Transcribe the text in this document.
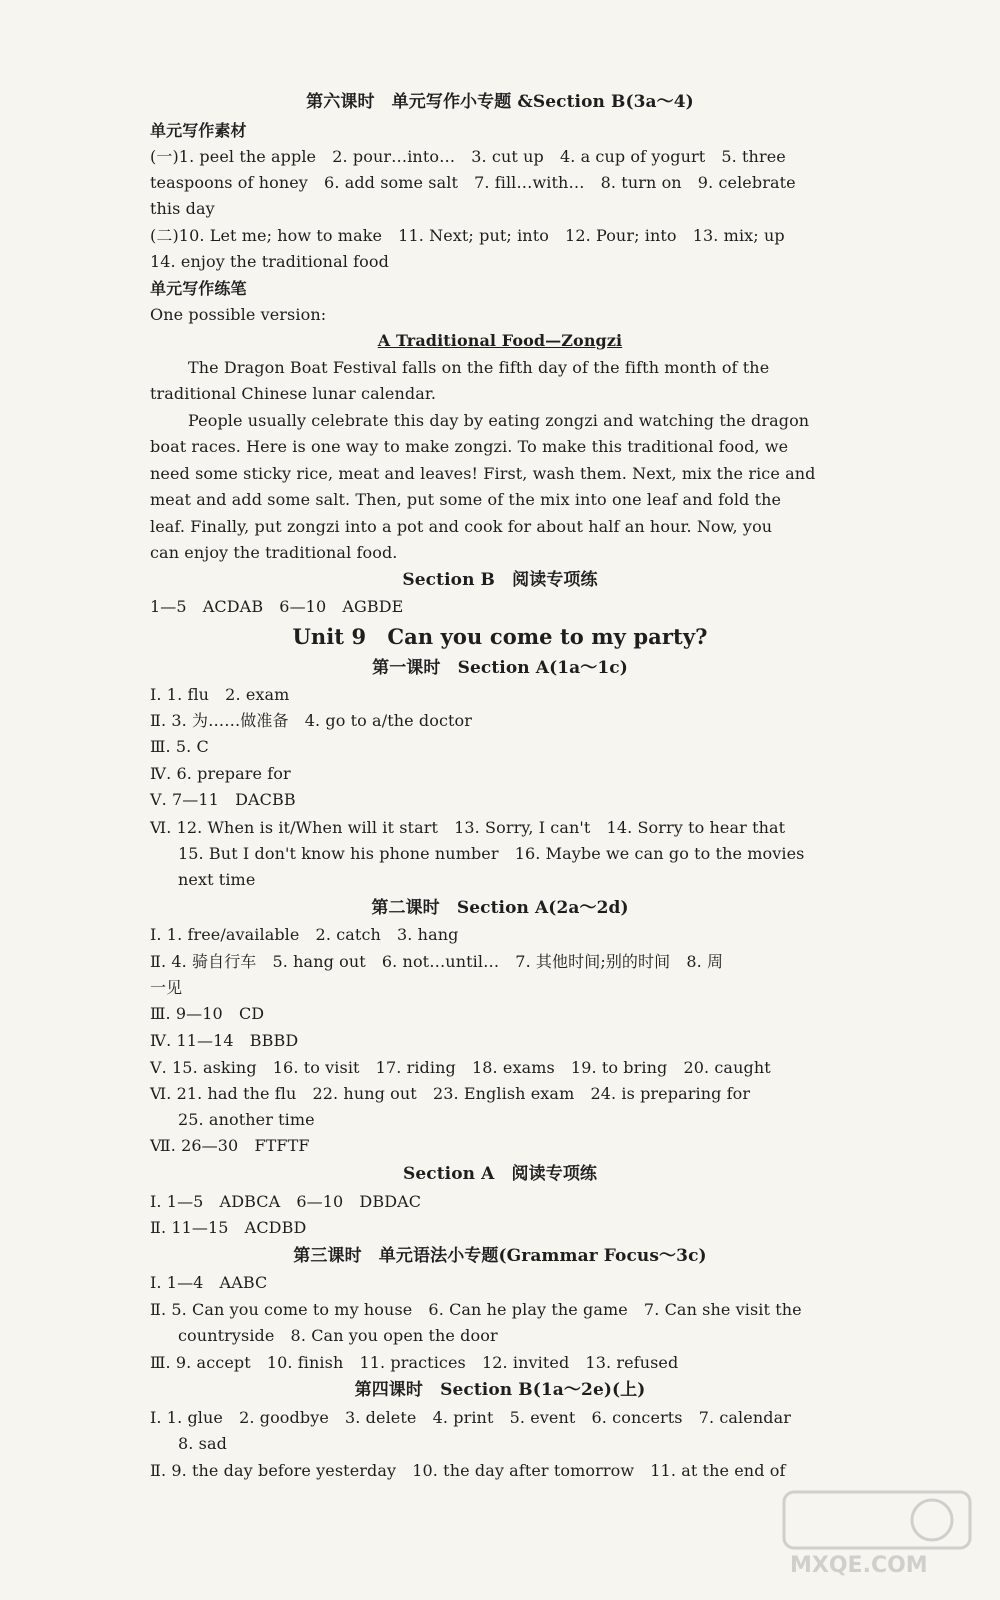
第六课时　单元写作小专题 &Section B(3a～4)
单元写作素材
(一)1. peel the apple　2. pour…into…　3. cut up　4. a cup of yogurt　5. three
teaspoons of honey　6. add some salt　7. fill…with…　8. turn on　9. celebrate
this day
(二)10. Let me; how to make　11. Next; put; into　12. Pour; into　13. mix; up
14. enjoy the traditional food
单元写作练笔
One possible version:
A Traditional Food—Zongzi
The Dragon Boat Festival falls on the fifth day of the fifth month of the
traditional Chinese lunar calendar.
People usually celebrate this day by eating zongzi and watching the dragon
boat races. Here is one way to make zongzi. To make this traditional food, we
need some sticky rice, meat and leaves! First, wash them. Next, mix the rice and
meat and add some salt. Then, put some of the mix into one leaf and fold the
leaf. Finally, put zongzi into a pot and cook for about half an hour. Now, you
can enjoy the traditional food.
Section B　阅读专项练
1—5　ACDAB　6—10　AGBDE
Unit 9　Can you come to my party?
第一课时　Section A(1a～1c)
Ⅰ. 1. flu　2. exam
Ⅱ. 3. 为……做准备　4. go to a/the doctor
Ⅲ. 5. C
Ⅳ. 6. prepare for
Ⅴ. 7—11　DACBB
Ⅵ. 12. When is it/When will it start　13. Sorry, I can't　14. Sorry to hear that
15. But I don't know his phone number　16. Maybe we can go to the movies
next time
第二课时　Section A(2a～2d)
Ⅰ. 1. free/available　2. catch　3. hang
Ⅱ. 4. 骑自行车　5. hang out　6. not…until…　7. 其他时间;别的时间　8. 周
一见
Ⅲ. 9—10　CD
Ⅳ. 11—14　BBBD
Ⅴ. 15. asking　16. to visit　17. riding　18. exams　19. to bring　20. caught
Ⅵ. 21. had the flu　22. hung out　23. English exam　24. is preparing for
25. another time
Ⅶ. 26—30　FTFTF
Section A　阅读专项练
Ⅰ. 1—5　ADBCA　6—10　DBDAC
Ⅱ. 11—15　ACDBD
第三课时　单元语法小专题(Grammar Focus～3c)
Ⅰ. 1—4　AABC
Ⅱ. 5. Can you come to my house　6. Can he play the game　7. Can she visit the
countryside　8. Can you open the door
Ⅲ. 9. accept　10. finish　11. practices　12. invited　13. refused
第四课时　Section B(1a～2e)(上)
Ⅰ. 1. glue　2. goodbye　3. delete　4. print　5. event　6. concerts　7. calendar
8. sad
Ⅱ. 9. the day before yesterday　10. the day after tomorrow　11. at the end of
MXQE.COM
